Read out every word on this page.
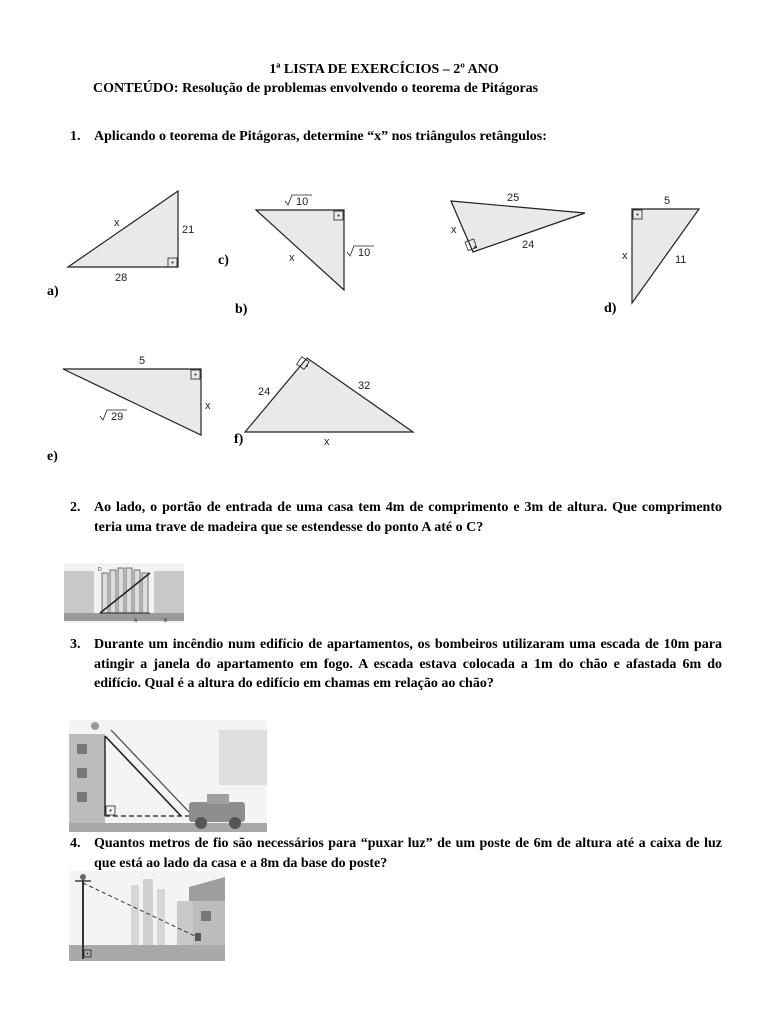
1ª LISTA DE EXERCÍCIOS – 2º ANO
CONTEÚDO: Resolução de problemas envolvendo o teorema de Pitágoras
1. Aplicando o teorema de Pitágoras, determine “x” nos triângulos retângulos:
x
21
28
10
10
x
25
x
24
5
x	11
5
x
29
24	32
x
a)
b)
c)
d)
e)
f)
2. Ao lado, o portão de entrada de uma casa tem 4m de comprimento e 3m de altura. Que comprimento teria uma trave de madeira que se estendesse do ponto A até o C?
D
A	B
3. Durante um incêndio num edifício de apartamentos, os bombeiros utilizaram uma escada de 10m para atingir a janela do apartamento em fogo. A escada estava colocada a 1m do chão e afastada 6m do edifício. Qual é a altura do edifício em chamas em relação ao chão?
4. Quantos metros de fio são necessários para “puxar luz” de um poste de 6m de altura até a caixa de luz que está ao lado da casa e a 8m da base do poste?
